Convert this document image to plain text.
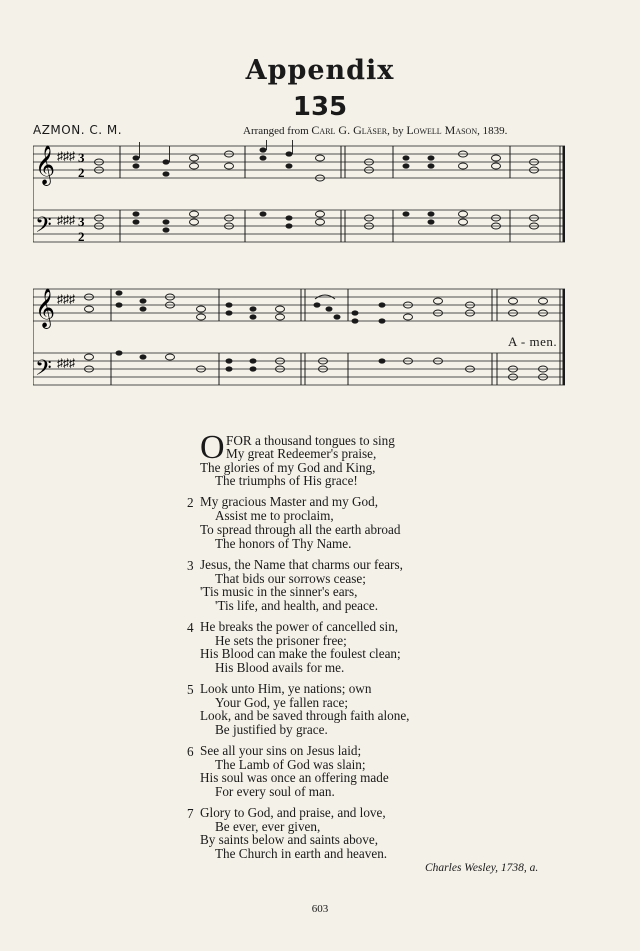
Appendix
135
AZMON. C. M.	Arranged from Carl G. Gläser, by Lowell Mason, 1839.
𝄞
𝄢
♯♯♯
♯♯♯
3
2
3
2
𝄞
𝄢
♯♯♯
♯♯♯
A - men.
O FOR a thousand tongues to sing
My great Redeemer's praise,
The glories of my God and King,
The triumphs of His grace!
2 My gracious Master and my God,
Assist me to proclaim,
To spread through all the earth abroad
The honors of Thy Name.
3 Jesus, the Name that charms our fears,
That bids our sorrows cease;
'Tis music in the sinner's ears,
'Tis life, and health, and peace.
4 He breaks the power of cancelled sin,
He sets the prisoner free;
His Blood can make the foulest clean;
His Blood avails for me.
5 Look unto Him, ye nations; own
Your God, ye fallen race;
Look, and be saved through faith alone,
Be justified by grace.
6 See all your sins on Jesus laid;
The Lamb of God was slain;
His soul was once an offering made
For every soul of man.
7 Glory to God, and praise, and love,
Be ever, ever given,
By saints below and saints above,
The Church in earth and heaven.
Charles Wesley, 1738, a.
603
